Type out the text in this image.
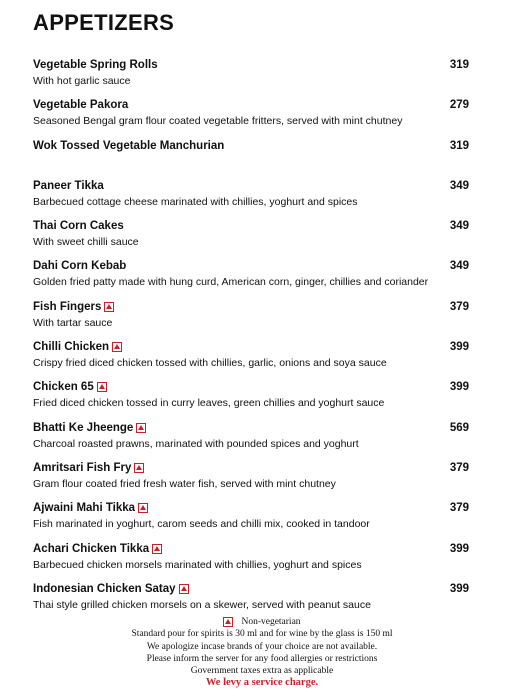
APPETIZERS
Vegetable Spring Rolls	319
With hot garlic sauce
Vegetable Pakora	279
Seasoned Bengal gram flour coated vegetable fritters, served with mint chutney
Wok Tossed Vegetable Manchurian	319
Paneer Tikka	349
Barbecued cottage cheese marinated with chillies, yoghurt and spices
Thai Corn Cakes	349
With sweet chilli sauce
Dahi Corn Kebab	349
Golden fried patty made with hung curd, American corn, ginger, chillies and coriander
Fish Fingers	379
With tartar sauce
Chilli Chicken	399
Crispy fried diced chicken tossed with chillies, garlic, onions and soya sauce
Chicken 65	399
Fried diced chicken tossed in curry leaves, green chillies and yoghurt sauce
Bhatti Ke Jheenge	569
Charcoal roasted prawns, marinated with pounded spices and yoghurt
Amritsari Fish Fry	379
Gram flour coated fried fresh water fish, served with mint chutney
Ajwaini Mahi Tikka	379
Fish marinated in yoghurt, carom seeds and chilli mix, cooked in tandoor
Achari Chicken Tikka	399
Barbecued chicken morsels marinated with chillies, yoghurt and spices
Indonesian Chicken Satay	399
Thai style grilled chicken morsels on a skewer, served with peanut sauce
Non-vegetarian
Standard pour for spirits is 30 ml and for wine by the glass is 150 ml
We apologize incase brands of your choice are not available.
Please inform the server for any food allergies or restrictions
Government taxes extra as applicable
We levy a service charge.
